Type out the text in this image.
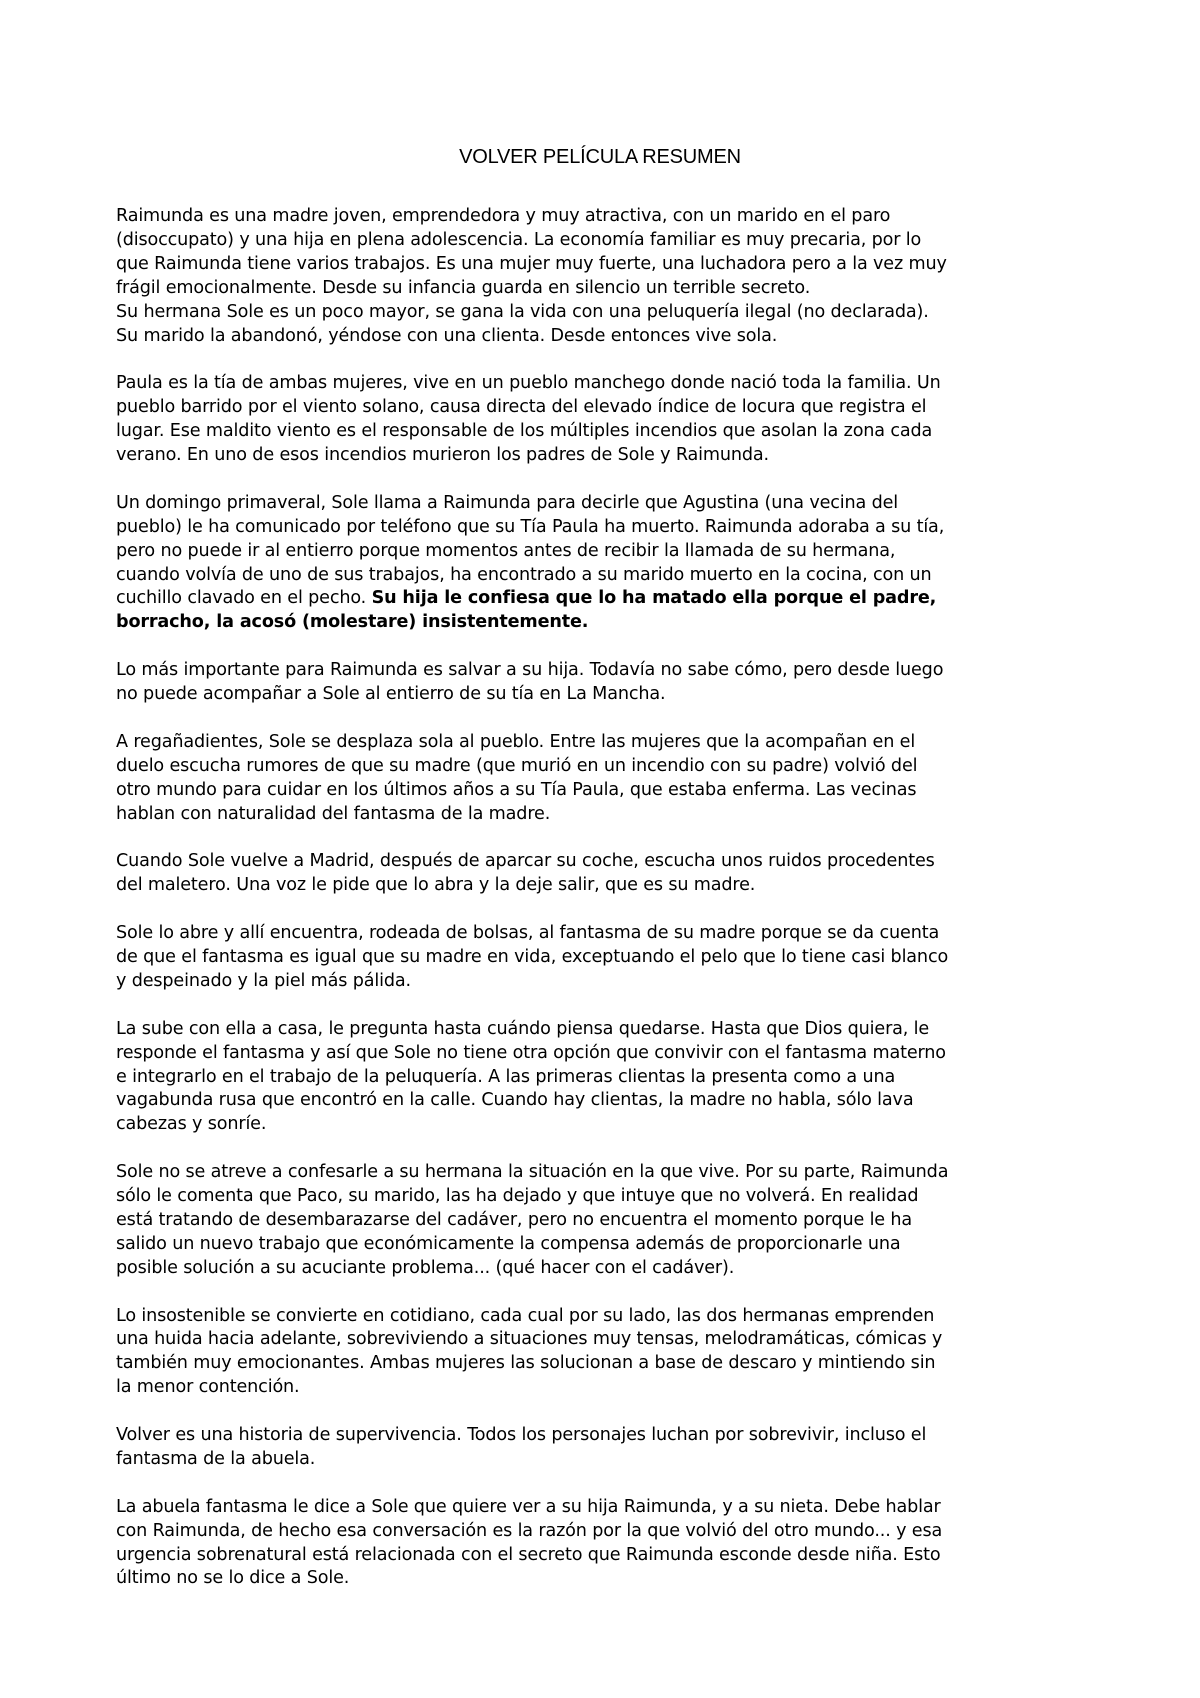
VOLVER PELÍCULA RESUMEN

Raimunda es una madre joven, emprendedora y muy atractiva, con un marido en el paro
(disoccupato) y una hija en plena adolescencia. La economía familiar es muy precaria, por lo
que Raimunda tiene varios trabajos. Es una mujer muy fuerte, una luchadora pero a la vez muy
frágil emocionalmente. Desde su infancia guarda en silencio un terrible secreto.
Su hermana Sole es un poco mayor, se gana la vida con una peluquería ilegal (no declarada).
Su marido la abandonó, yéndose con una clienta. Desde entonces vive sola.

Paula es la tía de ambas mujeres, vive en un pueblo manchego donde nació toda la familia. Un
pueblo barrido por el viento solano, causa directa del elevado índice de locura que registra el
lugar. Ese maldito viento es el responsable de los múltiples incendios que asolan la zona cada
verano. En uno de esos incendios murieron los padres de Sole y Raimunda.

Un domingo primaveral, Sole llama a Raimunda para decirle que Agustina (una vecina del
pueblo) le ha comunicado por teléfono que su Tía Paula ha muerto. Raimunda adoraba a su tía,
pero no puede ir al entierro porque momentos antes de recibir la llamada de su hermana,
cuando volvía de uno de sus trabajos, ha encontrado a su marido muerto en la cocina, con un
cuchillo clavado en el pecho. Su hija le confiesa que lo ha matado ella porque el padre,
borracho, la acosó (molestare) insistentemente.

Lo más importante para Raimunda es salvar a su hija. Todavía no sabe cómo, pero desde luego
no puede acompañar a Sole al entierro de su tía en La Mancha.

A regañadientes, Sole se desplaza sola al pueblo. Entre las mujeres que la acompañan en el
duelo escucha rumores de que su madre (que murió en un incendio con su padre) volvió del
otro mundo para cuidar en los últimos años a su Tía Paula, que estaba enferma. Las vecinas
hablan con naturalidad del fantasma de la madre.

Cuando Sole vuelve a Madrid, después de aparcar su coche, escucha unos ruidos procedentes
del maletero. Una voz le pide que lo abra y la deje salir, que es su madre.

Sole lo abre y allí encuentra, rodeada de bolsas, al fantasma de su madre porque se da cuenta
de que el fantasma es igual que su madre en vida, exceptuando el pelo que lo tiene casi blanco
y despeinado y la piel más pálida.

La sube con ella a casa, le pregunta hasta cuándo piensa quedarse. Hasta que Dios quiera, le
responde el fantasma y así que Sole no tiene otra opción que convivir con el fantasma materno
e integrarlo en el trabajo de la peluquería. A las primeras clientas la presenta como a una
vagabunda rusa que encontró en la calle. Cuando hay clientas, la madre no habla, sólo lava
cabezas y sonríe.

Sole no se atreve a confesarle a su hermana la situación en la que vive. Por su parte, Raimunda
sólo le comenta que Paco, su marido, las ha dejado y que intuye que no volverá. En realidad
está tratando de desembarazarse del cadáver, pero no encuentra el momento porque le ha
salido un nuevo trabajo que económicamente la compensa además de proporcionarle una
posible solución a su acuciante problema... (qué hacer con el cadáver).

Lo insostenible se convierte en cotidiano, cada cual por su lado, las dos hermanas emprenden
una huida hacia adelante, sobreviviendo a situaciones muy tensas, melodramáticas, cómicas y
también muy emocionantes. Ambas mujeres las solucionan a base de descaro y mintiendo sin
la menor contención.

Volver es una historia de supervivencia. Todos los personajes luchan por sobrevivir, incluso el
fantasma de la abuela.

La abuela fantasma le dice a Sole que quiere ver a su hija Raimunda, y a su nieta. Debe hablar
con Raimunda, de hecho esa conversación es la razón por la que volvió del otro mundo... y esa
urgencia sobrenatural está relacionada con el secreto que Raimunda esconde desde niña. Esto
último no se lo dice a Sole.
